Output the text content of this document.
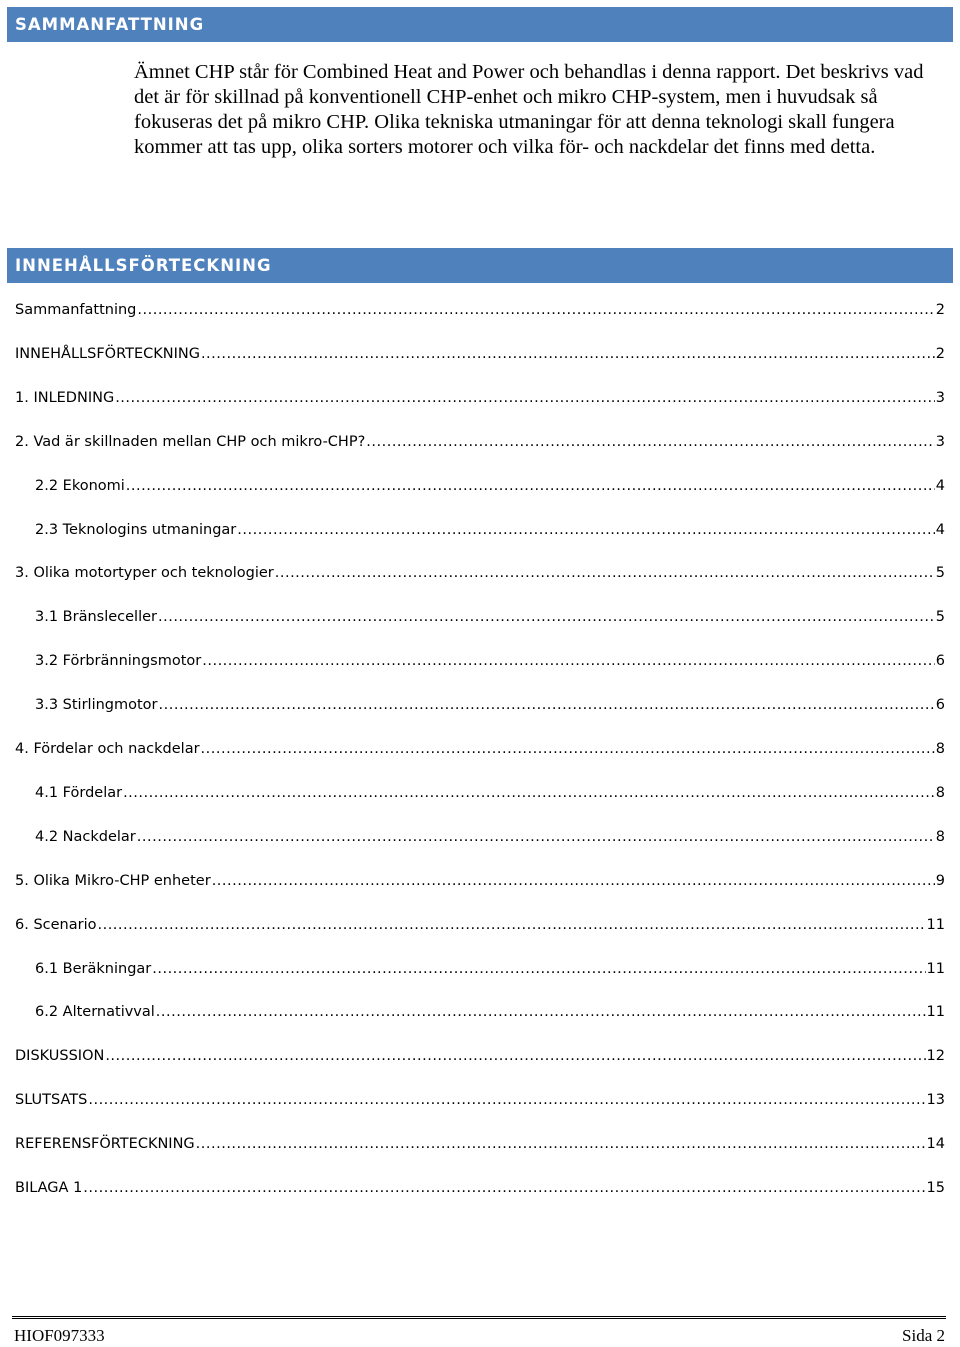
SAMMANFATTNING

Ämnet CHP står för Combined Heat and Power och behandlas i denna rapport. Det beskrivs vad det är för skillnad på konventionell CHP-enhet och mikro CHP-system, men i huvudsak så fokuseras det på mikro CHP. Olika tekniska utmaningar för att denna teknologi skall fungera kommer att tas upp, olika sorters motorer och vilka för- och nackdelar det finns med detta.

INNEHÅLLSFÖRTECKNING
Sammanfattning .....	2
INNEHÅLLSFÖRTECKNING .....	2
1. INLEDNING .....	3
2. Vad är skillnaden mellan CHP och mikro-CHP? .....	3
2.2 Ekonomi .....	4
2.3 Teknologins utmaningar .....	4
3. Olika motortyper och teknologier .....	5
3.1 Bränsleceller .....	5
3.2 Förbränningsmotor .....	6
3.3 Stirlingmotor .....	6
4. Fördelar och nackdelar .....	8
4.1 Fördelar .....	8
4.2 Nackdelar .....	8
5. Olika Mikro-CHP enheter .....	9
6. Scenario .....	11
6.1 Beräkningar .....	11
6.2 Alternativval .....	11
DISKUSSION .....	12
SLUTSATS .....	13
REFERENSFÖRTECKNING .....	14
BILAGA 1 .....	15
HIOF097333	Sida 2
